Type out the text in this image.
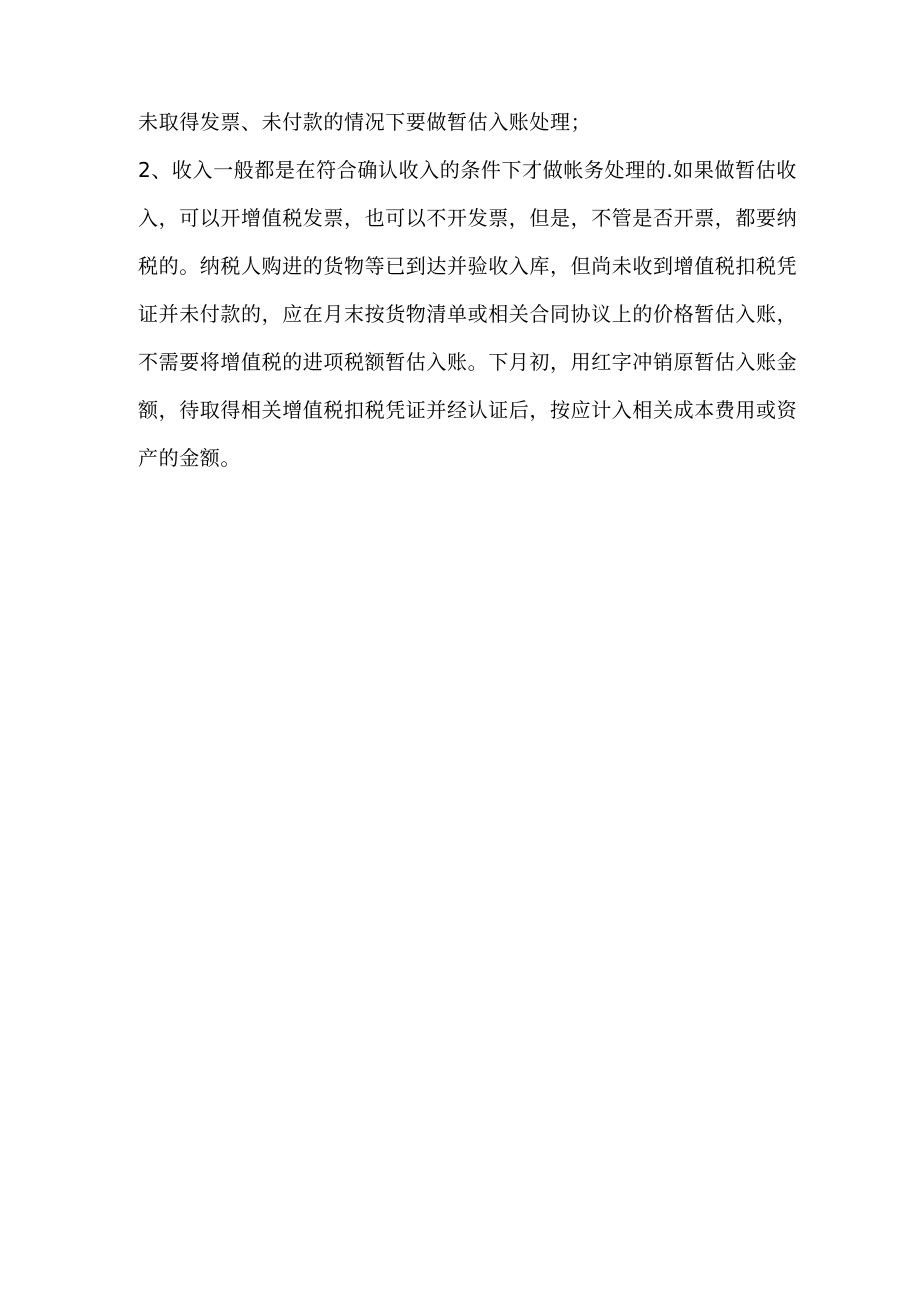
未取得发票、未付款的情况下要做暂估入账处理；
2、收入一般都是在符合确认收入的条件下才做帐务处理的.如果做暂估收
入，可以开增值税发票，也可以不开发票，但是，不管是否开票，都要纳
税的。纳税人购进的货物等已到达并验收入库，但尚未收到增值税扣税凭
证并未付款的，应在月末按货物清单或相关合同协议上的价格暂估入账，
不需要将增值税的进项税额暂估入账。下月初，用红字冲销原暂估入账金
额，待取得相关增值税扣税凭证并经认证后，按应计入相关成本费用或资
产的金额。
